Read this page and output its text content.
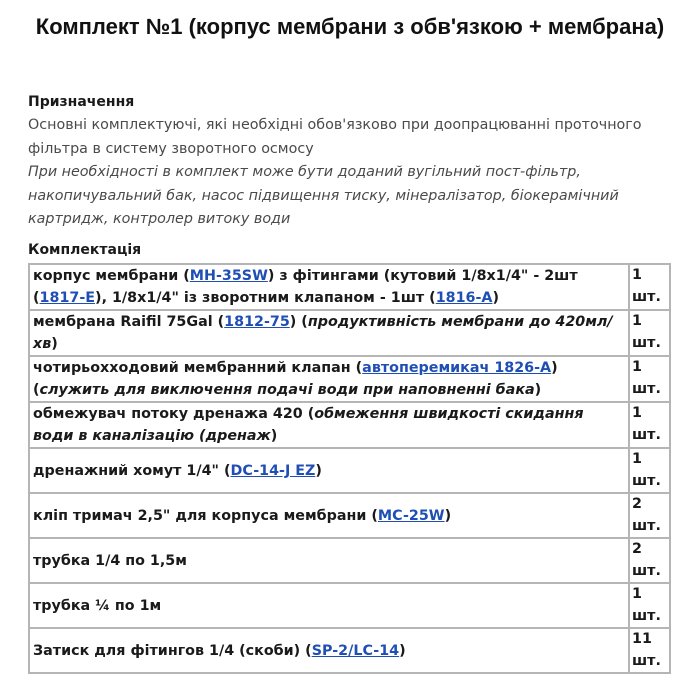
Комплект №1 (корпус мембрани з обв'язкою + мембрана)
Призначення

Основні комплектуючі, які необхідні обов'язково при доопрацюванні проточного фільтра в систему зворотного осмосу

При необхідності в комплект може бути доданий вугільний пост-фільтр, накопичувальний бак, насос підвищення тиску, мінералізатор, біокерамічний картридж, контролер витоку води

Комплектація
корпус мембрани (MH-35SW) з фітингами (кутовий 1/8х1/4" - 2шт (1817-E), 1/8х1/4" із зворотним клапаном - 1шт (1816-A)	1
шт.
мембрана Raifil 75Gal (1812-75) (продуктивність мембрани до 420мл/хв)	1
шт.
чотирьохходовий мембранний клапан (автоперемикач 1826-A) (служить для виключення подачі води при наповненні бака)	1
шт.
обмежувач потоку дренажа 420 (обмеження швидкості скидання води в каналізацію (дренаж)	1
шт.
дренажний хомут 1/4" (DC-14-J EZ)	1
шт.
кліп тримач 2,5" для корпуса мембрани (MC-25W)	2
шт.
трубка 1/4 по 1,5м	2
шт.
трубка ¼ по 1м	1
шт.
Затиск для фітингов 1/4 (скоби) (SP-2/LC-14)	11
шт.
